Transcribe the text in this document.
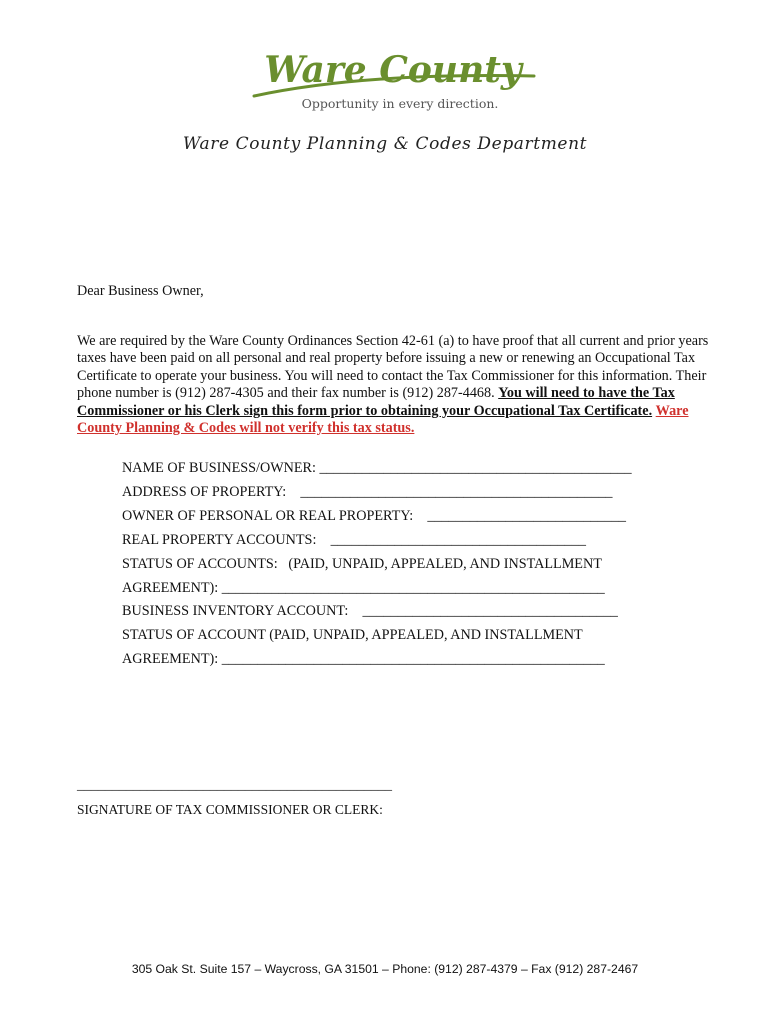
Ware County
Opportunity in every direction.
Ware County Planning & Codes Department
Dear Business Owner,
We are required by the Ware County Ordinances Section 42-61 (a) to have proof that all current and prior years taxes have been paid on all personal and real property before issuing a new or renewing an Occupational Tax Certificate to operate your business. You will need to contact the Tax Commissioner for this information. Their phone number is (912) 287-4305 and their fax number is (912) 287-4468. You will need to have the Tax Commissioner or his Clerk sign this form prior to obtaining your Occupational Tax Certificate. Ware County Planning & Codes will not verify this tax status.
NAME OF BUSINESS/OWNER: ____________________________________________
ADDRESS OF PROPERTY:    ____________________________________________
OWNER OF PERSONAL OR REAL PROPERTY:    ____________________________
REAL PROPERTY ACCOUNTS:    ____________________________________
STATUS OF ACCOUNTS:   (PAID, UNPAID, APPEALED, AND INSTALLMENT
AGREEMENT): ______________________________________________________
BUSINESS INVENTORY ACCOUNT:    ____________________________________
STATUS OF ACCOUNT (PAID, UNPAID, APPEALED, AND INSTALLMENT
AGREEMENT): ______________________________________________________
_____________________________________________
SIGNATURE OF TAX COMMISSIONER OR CLERK:
305 Oak St. Suite 157 – Waycross, GA 31501 – Phone: (912) 287-4379 – Fax (912) 287-2467
